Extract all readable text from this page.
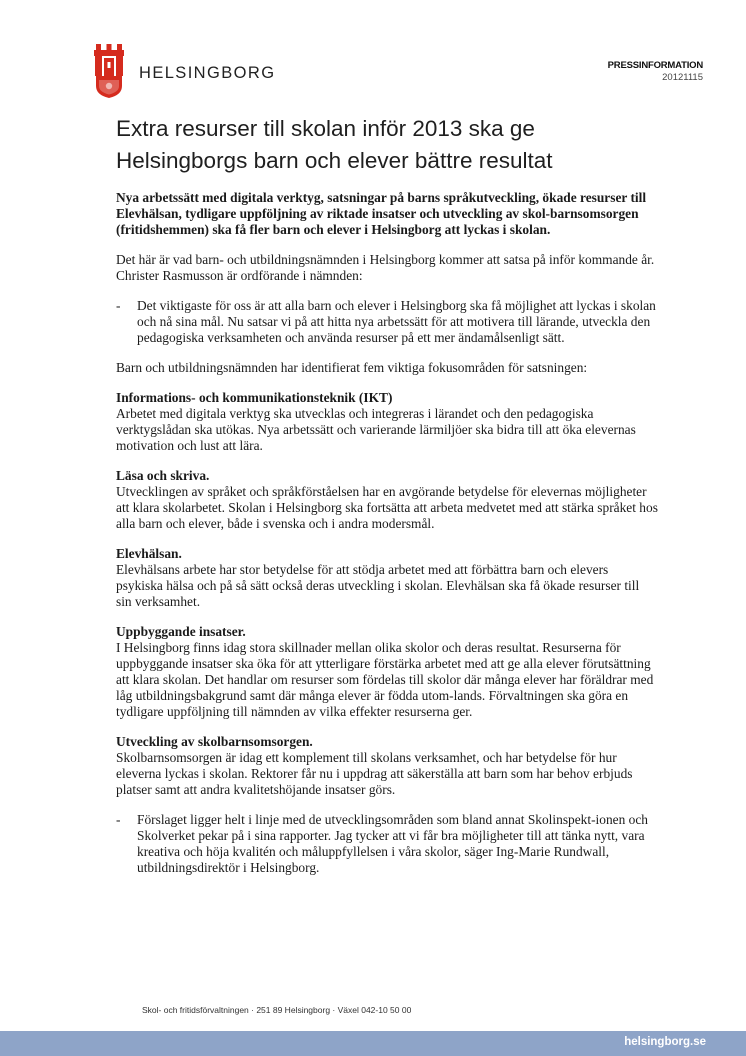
HELSINGBORG	PRESSINFORMATION
20121115
Extra resurser till skolan inför 2013 ska ge
Helsingborgs barn och elever bättre resultat

Nya arbetssätt med digitala verktyg, satsningar på barns språkutveckling, ökade resurser till Elevhälsan, tydligare uppföljning av riktade insatser och utveckling av skol-barnsomsorgen (fritidshemmen) ska få fler barn och elever i Helsingborg att lyckas i skolan.

Det här är vad barn- och utbildningsnämnden i Helsingborg kommer att satsa på inför kommande år. Christer Rasmusson är ordförande i nämnden:

-	Det viktigaste för oss är att alla barn och elever i Helsingborg ska få möjlighet att lyckas i skolan och nå sina mål. Nu satsar vi på att hitta nya arbetssätt för att motivera till lärande, utveckla den pedagogiska verksamheten och använda resurser på ett mer ändamålsenligt sätt.

Barn och utbildningsnämnden har identifierat fem viktiga fokusområden för satsningen:

Informations- och kommunikationsteknik (IKT)

Arbetet med digitala verktyg ska utvecklas och integreras i lärandet och den pedagogiska verktygslådan ska utökas. Nya arbetssätt och varierande lärmiljöer ska bidra till att öka elevernas motivation och lust att lära.

Läsa och skriva.

Utvecklingen av språket och språkförståelsen har en avgörande betydelse för elevernas möjligheter att klara skolarbetet. Skolan i Helsingborg ska fortsätta att arbeta medvetet med att stärka språket hos alla barn och elever, både i svenska och i andra modersmål.

Elevhälsan.

Elevhälsans arbete har stor betydelse för att stödja arbetet med att förbättra barn och elevers psykiska hälsa och på så sätt också deras utveckling i skolan. Elevhälsan ska få ökade resurser till sin verksamhet.

Uppbyggande insatser.

I Helsingborg finns idag stora skillnader mellan olika skolor och deras resultat. Resurserna för uppbyggande insatser ska öka för att ytterligare förstärka arbetet med att ge alla elever förutsättning att klara skolan. Det handlar om resurser som fördelas till skolor där många elever har föräldrar med låg utbildningsbakgrund samt där många elever är födda utom-lands. Förvaltningen ska göra en tydligare uppföljning till nämnden av vilka effekter resurserna ger.

Utveckling av skolbarnsomsorgen.

Skolbarnsomsorgen är idag ett komplement till skolans verksamhet, och har betydelse för hur eleverna lyckas i skolan. Rektorer får nu i uppdrag att säkerställa att barn som har behov erbjuds platser samt att andra kvalitetshöjande insatser görs.

-	Förslaget ligger helt i linje med de utvecklingsområden som bland annat Skolinspekt-ionen och Skolverket pekar på i sina rapporter. Jag tycker att vi får bra möjligheter till att tänka nytt, vara kreativa och höja kvalitén och måluppfyllelsen i våra skolor, säger Ing-Marie Rundwall, utbildningsdirektör i Helsingborg.
Skol- och fritidsförvaltningen · 251 89 Helsingborg · Växel 042-10 50 00
helsingborg.se
